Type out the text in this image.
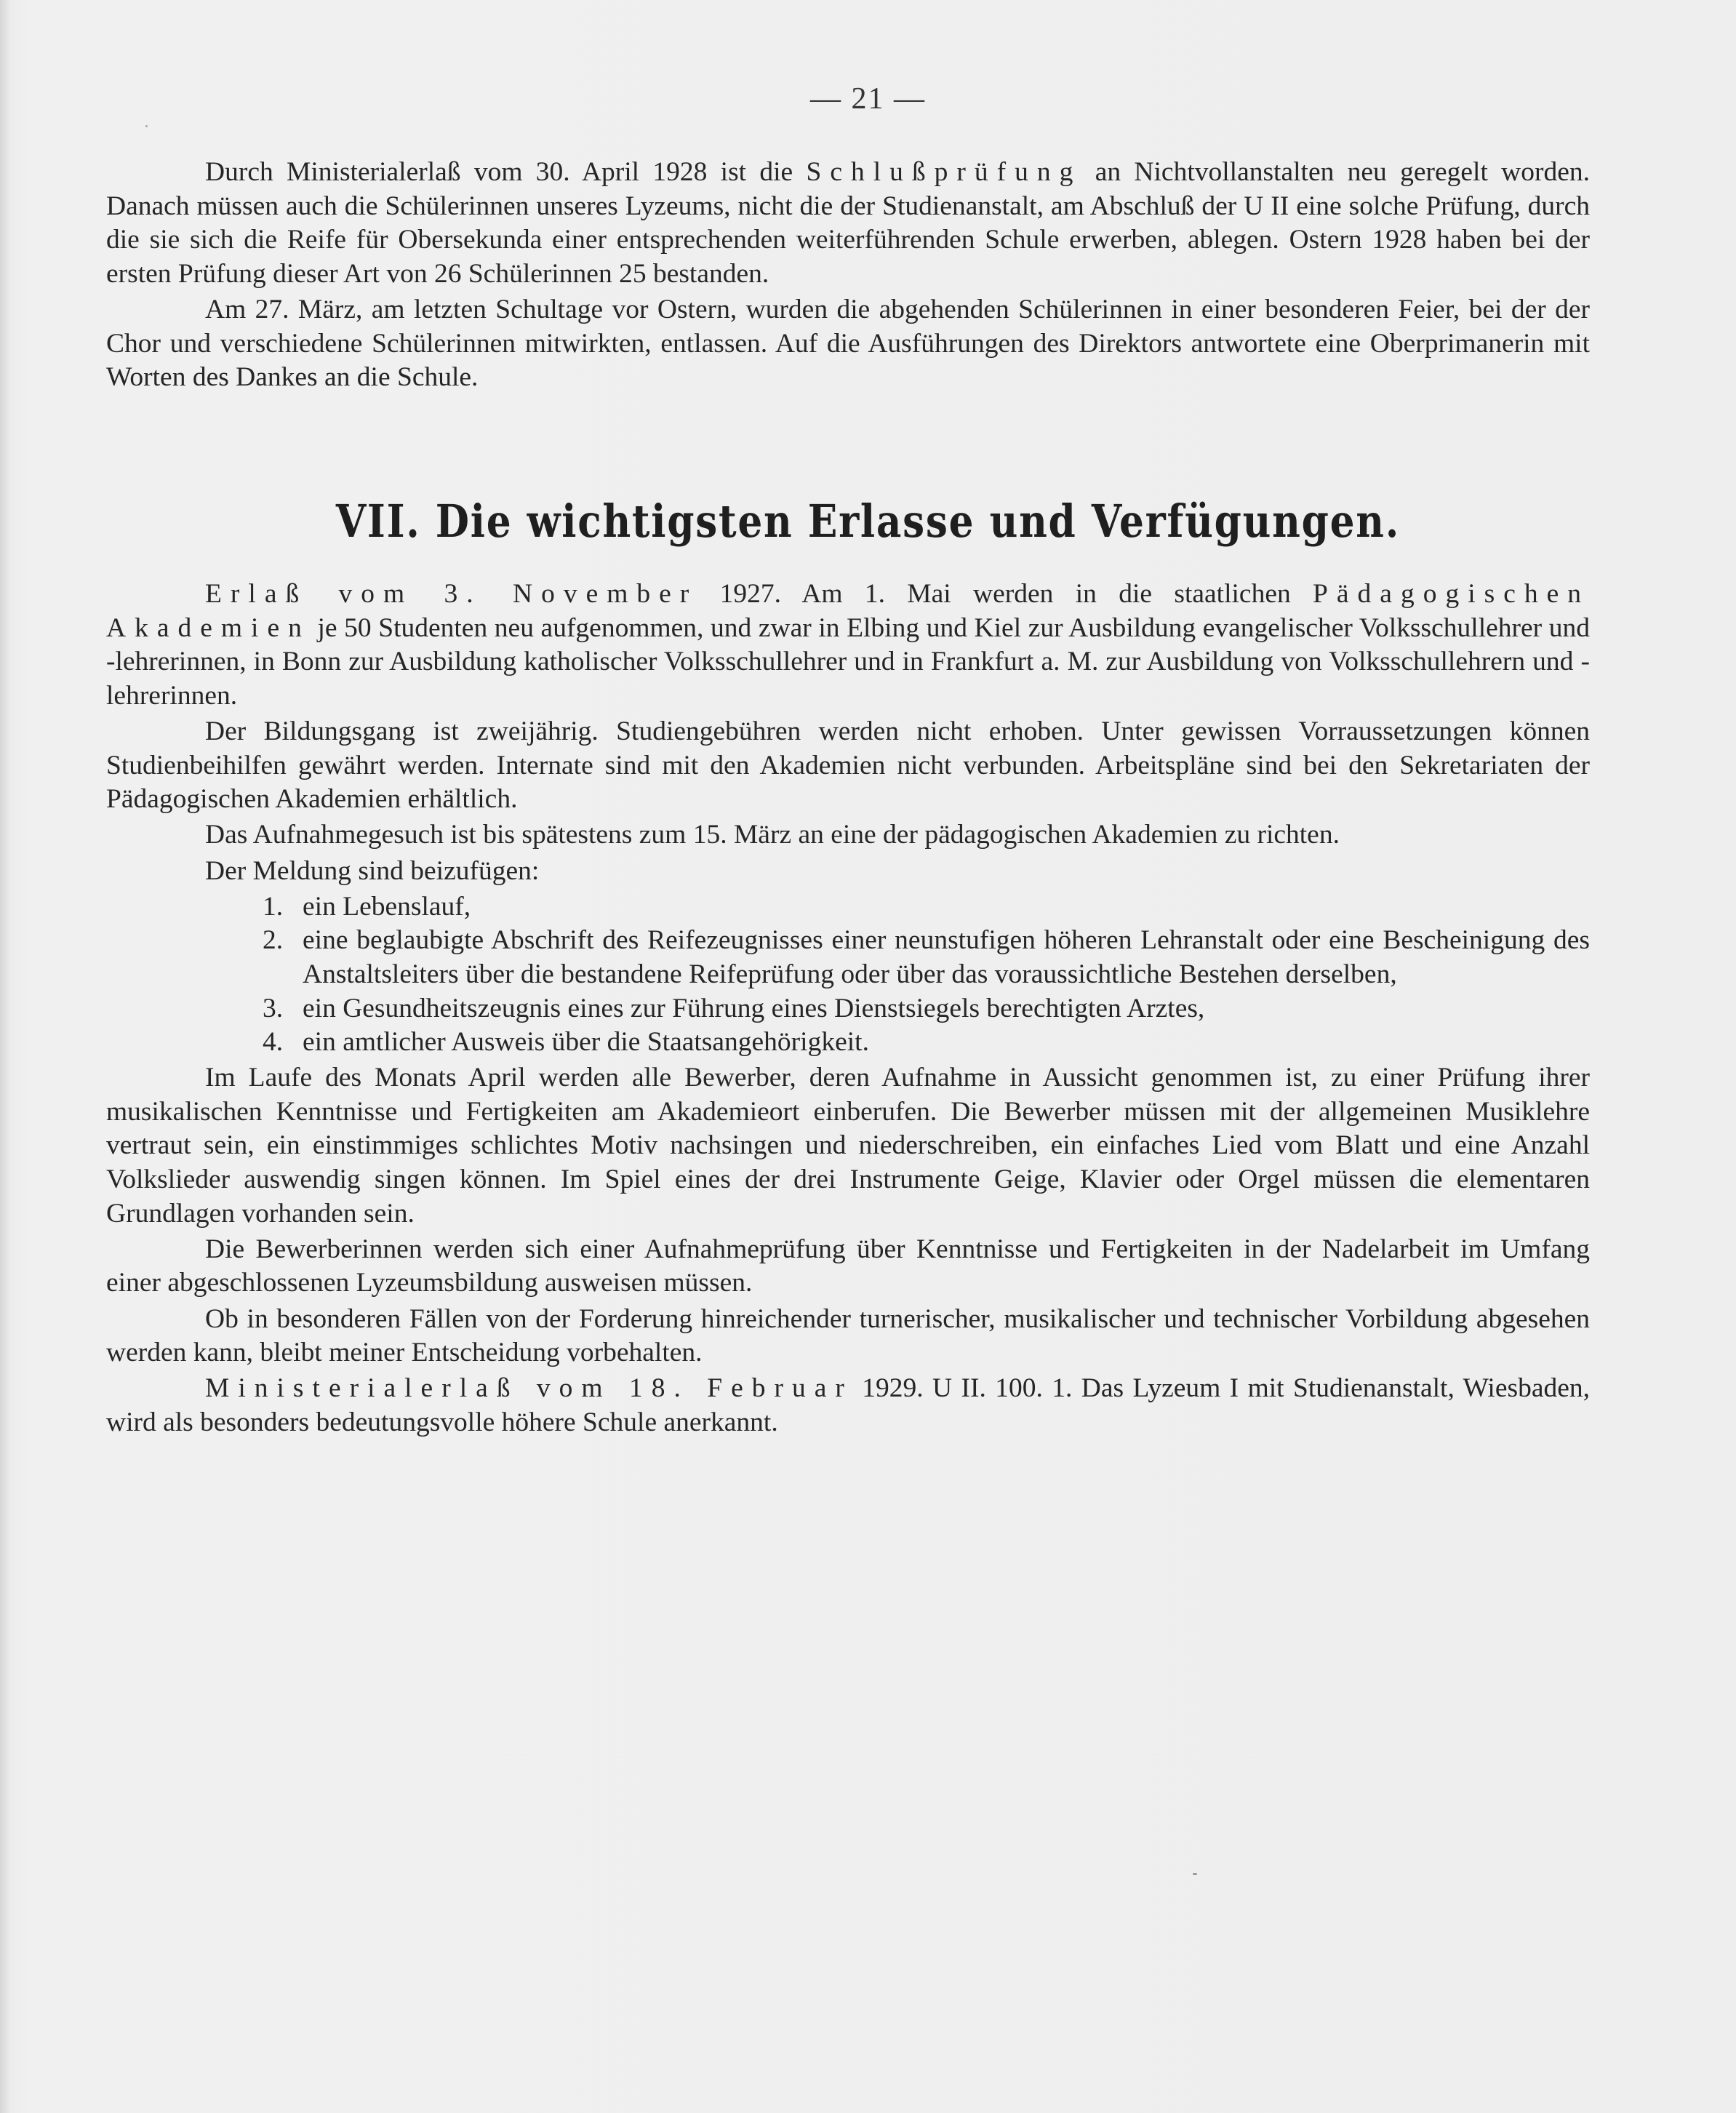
— 21 —

Durch Ministerialerlaß vom 30. April 1928 ist die Schlußprüfung an Nichtvollanstalten neu geregelt worden. Danach müssen auch die Schülerinnen unseres Lyzeums, nicht die der Studienanstalt, am Abschluß der U II eine solche Prüfung, durch die sie sich die Reife für Obersekunda einer entsprechenden weiterführenden Schule erwerben, ablegen. Ostern 1928 haben bei der ersten Prüfung dieser Art von 26 Schülerinnen 25 bestanden.

Am 27. März, am letzten Schultage vor Ostern, wurden die abgehenden Schülerinnen in einer besonderen Feier, bei der der Chor und verschiedene Schülerinnen mitwirkten, entlassen. Auf die Ausführungen des Direktors antwortete eine Oberprimanerin mit Worten des Dankes an die Schule.

VII. Die wichtigsten Erlasse und Verfügungen.

Erlaß vom 3. November 1927. Am 1. Mai werden in die staatlichen Pädagogischen Akademien je 50 Studenten neu aufgenommen, und zwar in Elbing und Kiel zur Ausbildung evangelischer Volksschullehrer und -lehrerinnen, in Bonn zur Ausbildung katholischer Volksschullehrer und in Frankfurt a. M. zur Ausbildung von Volksschullehrern und -lehrerinnen.

Der Bildungsgang ist zweijährig. Studiengebühren werden nicht erhoben. Unter gewissen Vorraussetzungen können Studienbeihilfen gewährt werden. Internate sind mit den Akademien nicht verbunden. Arbeitspläne sind bei den Sekretariaten der Pädagogischen Akademien erhältlich.

Das Aufnahmegesuch ist bis spätestens zum 15. März an eine der pädagogischen Akademien zu richten.

Der Meldung sind beizufügen:

1. ein Lebenslauf,
2. eine beglaubigte Abschrift des Reifezeugnisses einer neunstufigen höheren Lehranstalt oder eine Bescheinigung des Anstaltsleiters über die bestandene Reifeprüfung oder über das voraussichtliche Bestehen derselben,
3. ein Gesundheitszeugnis eines zur Führung eines Dienstsiegels berechtigten Arztes,
4. ein amtlicher Ausweis über die Staatsangehörigkeit.

Im Laufe des Monats April werden alle Bewerber, deren Aufnahme in Aussicht genommen ist, zu einer Prüfung ihrer musikalischen Kenntnisse und Fertigkeiten am Akademieort einberufen. Die Bewerber müssen mit der allgemeinen Musiklehre vertraut sein, ein einstimmiges schlichtes Motiv nachsingen und niederschreiben, ein einfaches Lied vom Blatt und eine Anzahl Volkslieder auswendig singen können. Im Spiel eines der drei Instrumente Geige, Klavier oder Orgel müssen die elementaren Grundlagen vorhanden sein.

Die Bewerberinnen werden sich einer Aufnahmeprüfung über Kenntnisse und Fertigkeiten in der Nadelarbeit im Umfang einer abgeschlossenen Lyzeumsbildung ausweisen müssen.

Ob in besonderen Fällen von der Forderung hinreichender turnerischer, musikalischer und technischer Vorbildung abgesehen werden kann, bleibt meiner Entscheidung vorbehalten.

Ministerialerlaß vom 18. Februar 1929. U II. 100. 1. Das Lyzeum I mit Studienanstalt, Wiesbaden, wird als besonders bedeutungsvolle höhere Schule anerkannt.
